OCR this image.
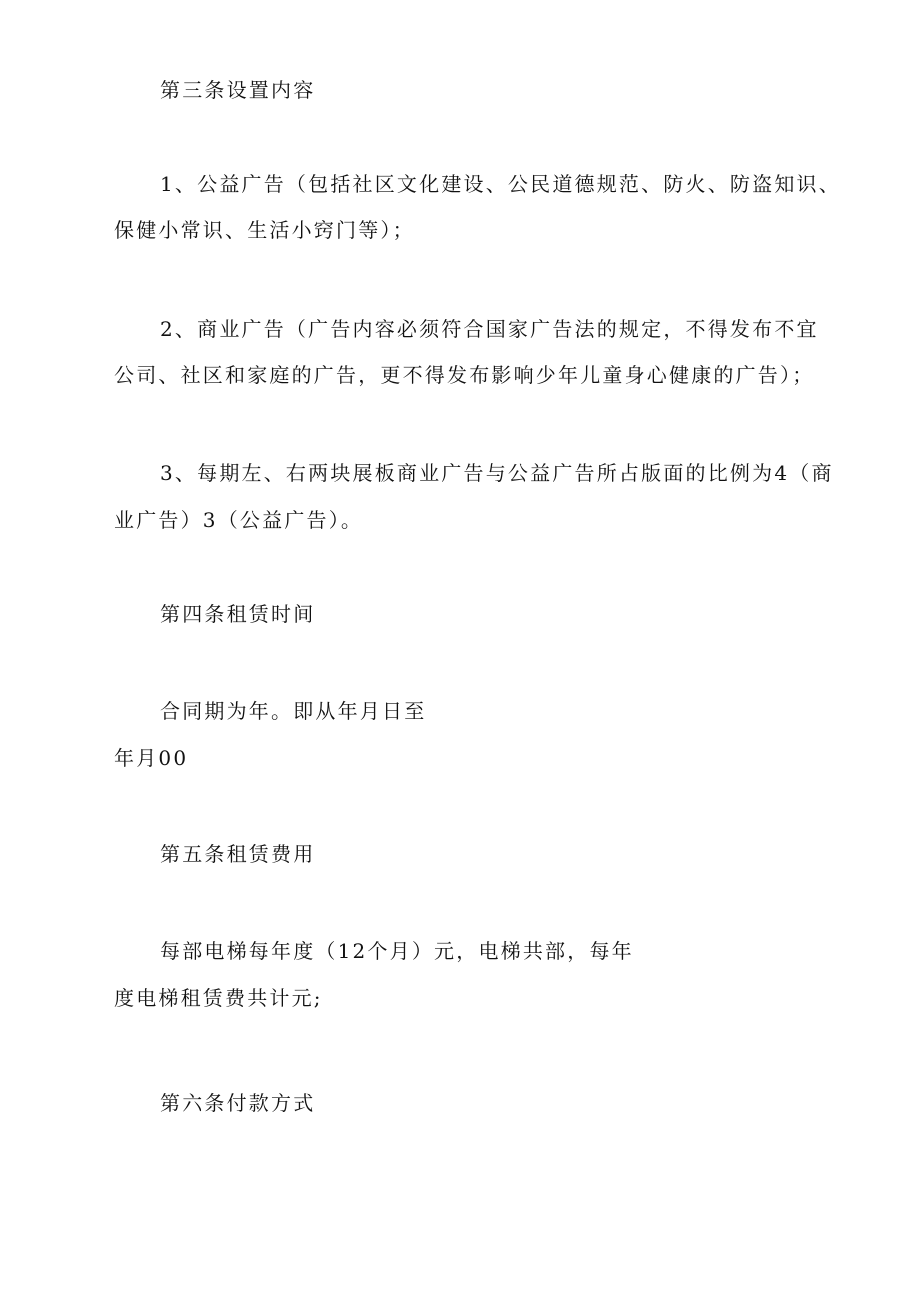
第三条设置内容
1、公益广告（包括社区文化建设、公民道德规范、防火、防盗知识、
保健小常识、生活小窍门等）；
2、商业广告（广告内容必须符合国家广告法的规定，不得发布不宜
公司、社区和家庭的广告，更不得发布影响少年儿童身心健康的广告）；
3、每期左、右两块展板商业广告与公益广告所占版面的比例为4（商
业广告）3（公益广告）。
第四条租赁时间
合同期为年。即从年月日至
年月00
第五条租赁费用
每部电梯每年度（12个月）元，电梯共部，每年
度电梯租赁费共计元;
第六条付款方式
